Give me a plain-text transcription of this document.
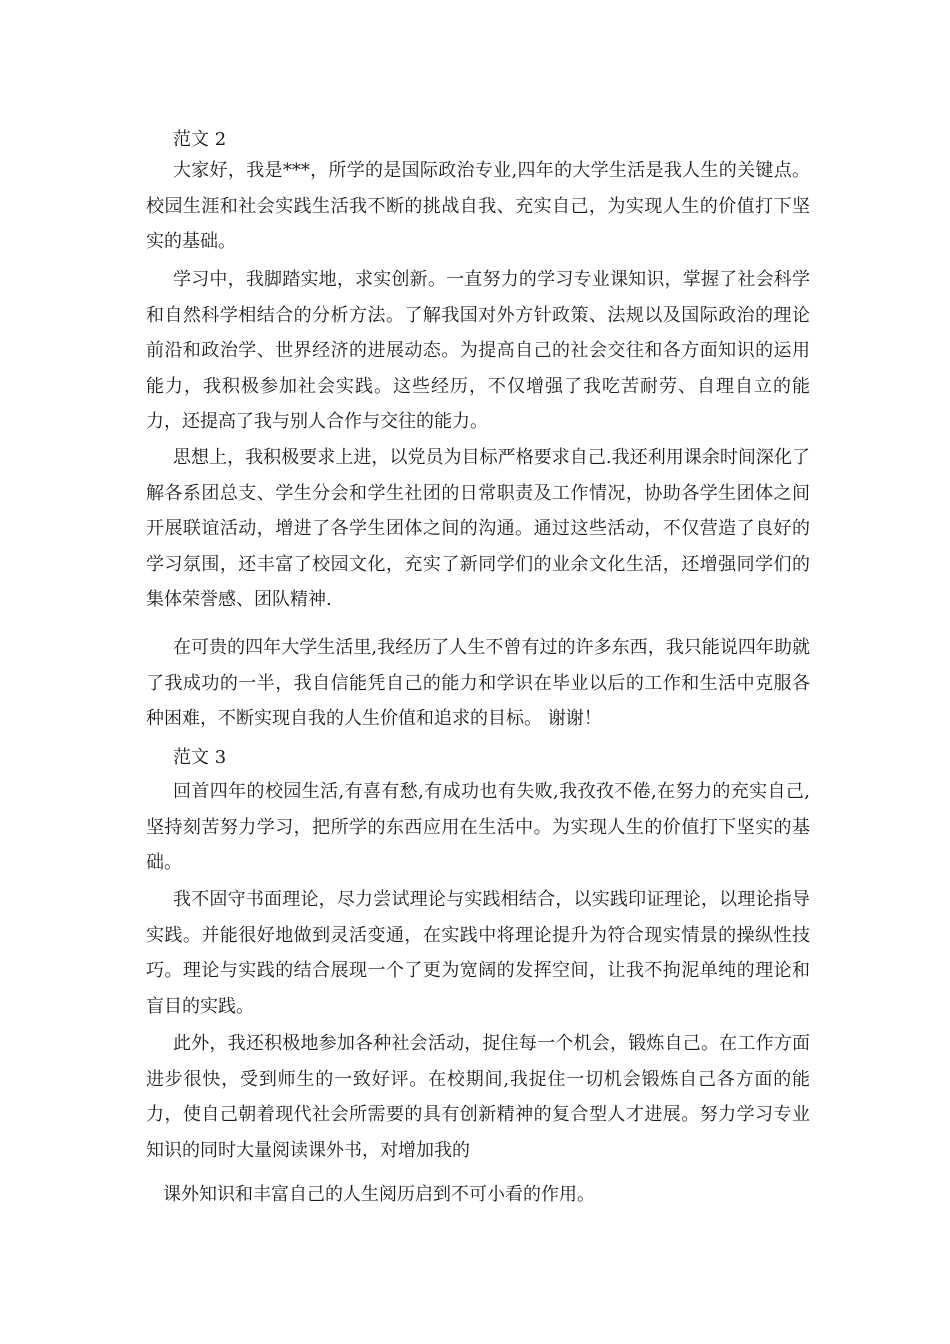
范文 2

大家好，我是***，所学的是国际政治专业,四年的大学生活是我人生的关键点。校园生涯和社会实践生活我不断的挑战自我、充实自己，为实现人生的价值打下坚实的基础。

学习中，我脚踏实地，求实创新。一直努力的学习专业课知识，掌握了社会科学和自然科学相结合的分析方法。了解我国对外方针政策、法规以及国际政治的理论前沿和政治学、世界经济的进展动态。为提高自己的社会交往和各方面知识的运用能力，我积极参加社会实践。这些经历，不仅增强了我吃苦耐劳、自理自立的能力，还提高了我与别人合作与交往的能力。

思想上，我积极要求上进，以党员为目标严格要求自己.我还利用课余时间深化了解各系团总支、学生分会和学生社团的日常职责及工作情况，协助各学生团体之间开展联谊活动，增进了各学生团体之间的沟通。通过这些活动，不仅营造了良好的学习氛围，还丰富了校园文化，充实了新同学们的业余文化生活，还增强同学们的集体荣誉感、团队精神.

在可贵的四年大学生活里,我经历了人生不曾有过的许多东西，我只能说四年助就了我成功的一半，我自信能凭自己的能力和学识在毕业以后的工作和生活中克服各种困难，不断实现自我的人生价值和追求的目标。 谢谢！

范文 3

回首四年的校园生活,有喜有愁,有成功也有失败,我孜孜不倦,在努力的充实自己,坚持刻苦努力学习，把所学的东西应用在生活中。为实现人生的价值打下坚实的基础。

我不固守书面理论，尽力尝试理论与实践相结合，以实践印证理论，以理论指导实践。并能很好地做到灵活变通，在实践中将理论提升为符合现实情景的操纵性技巧。理论与实践的结合展现一个了更为宽阔的发挥空间，让我不拘泥单纯的理论和盲目的实践。

此外，我还积极地参加各种社会活动，捉住每一个机会，锻炼自己。在工作方面进步很快，受到师生的一致好评。在校期间,我捉住一切机会锻炼自己各方面的能力，使自己朝着现代社会所需要的具有创新精神的复合型人才进展。努力学习专业知识的同时大量阅读课外书，对增加我的

课外知识和丰富自己的人生阅历启到不可小看的作用。
